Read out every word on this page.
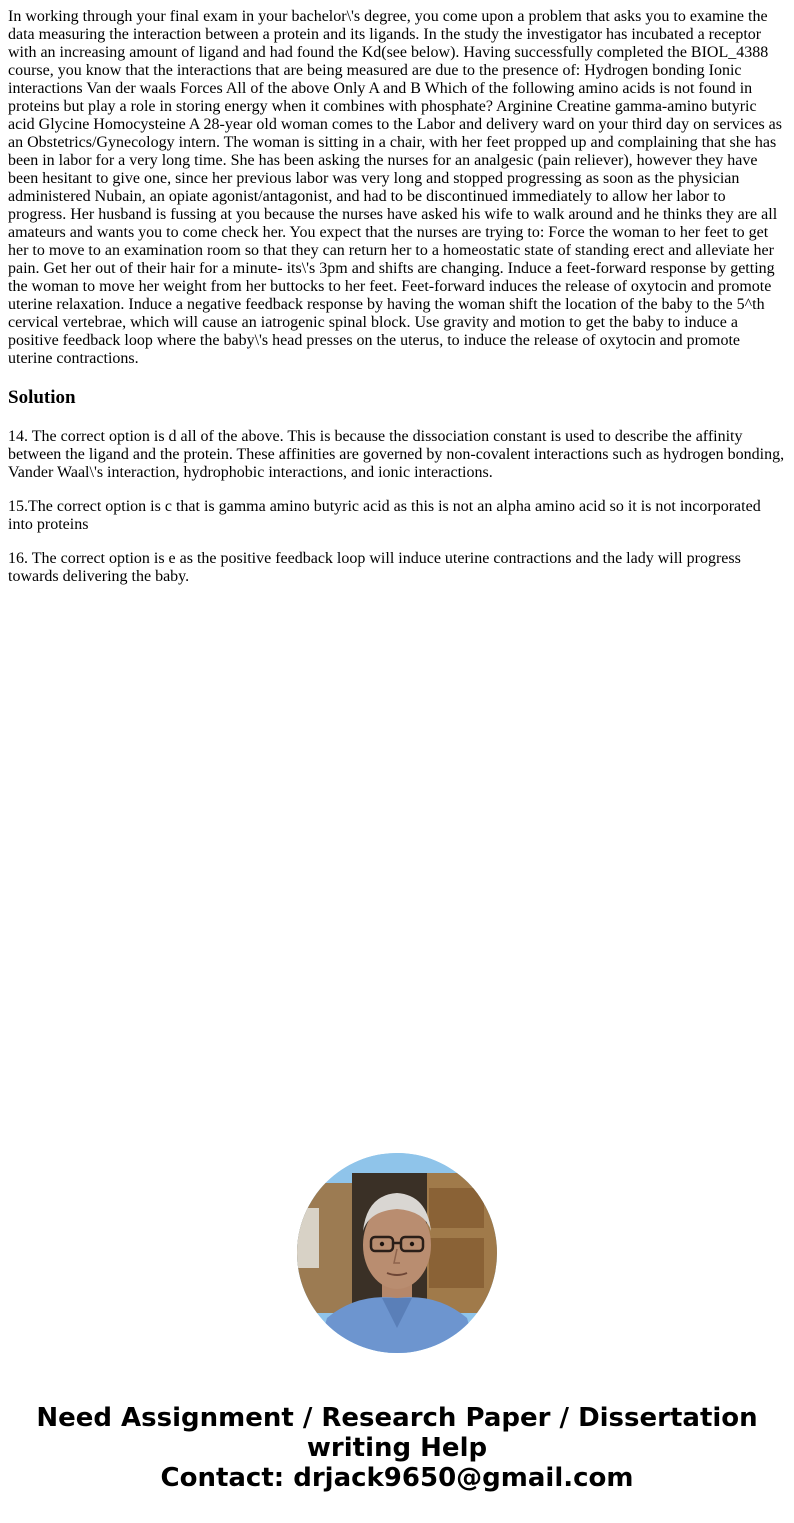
In working through your final exam in your bachelor\'s degree, you come upon a problem that asks you to examine the data measuring the interaction between a protein and its ligands. In the study the investigator has incubated a receptor with an increasing amount of ligand and had found the Kd(see below). Having successfully completed the BIOL_4388 course, you know that the interactions that are being measured are due to the presence of: Hydrogen bonding Ionic interactions Van der waals Forces All of the above Only A and B Which of the following amino acids is not found in proteins but play a role in storing energy when it combines with phosphate? Arginine Creatine gamma-amino butyric acid Glycine Homocysteine A 28-year old woman comes to the Labor and delivery ward on your third day on services as an Obstetrics/Gynecology intern. The woman is sitting in a chair, with her feet propped up and complaining that she has been in labor for a very long time. She has been asking the nurses for an analgesic (pain reliever), however they have been hesitant to give one, since her previous labor was very long and stopped progressing as soon as the physician administered Nubain, an opiate agonist/antagonist, and had to be discontinued immediately to allow her labor to progress. Her husband is fussing at you because the nurses have asked his wife to walk around and he thinks they are all amateurs and wants you to come check her. You expect that the nurses are trying to: Force the woman to her feet to get her to move to an examination room so that they can return her to a homeostatic state of standing erect and alleviate her pain. Get her out of their hair for a minute- its\'s 3pm and shifts are changing. Induce a feet-forward response by getting the woman to move her weight from her buttocks to her feet. Feet-forward induces the release of oxytocin and promote uterine relaxation. Induce a negative feedback response by having the woman shift the location of the baby to the 5^th cervical vertebrae, which will cause an iatrogenic spinal block. Use gravity and motion to get the baby to induce a positive feedback loop where the baby\'s head presses on the uterus, to induce the release of oxytocin and promote uterine contractions.

Solution

14. The correct option is d all of the above. This is because the dissociation constant is used to describe the affinity between the ligand and the protein. These affinities are governed by non-covalent interactions such as hydrogen bonding, Vander Waal\'s interaction, hydrophobic interactions, and ionic interactions.

15.The correct option is c that is gamma amino butyric acid as this is not an alpha amino acid so it is not incorporated into proteins

16. The correct option is e as the positive feedback loop will induce uterine contractions and the lady will progress towards delivering the baby.

Need Assignment / Research Paper / Dissertation
writing Help
Contact: drjack9650@gmail.com
